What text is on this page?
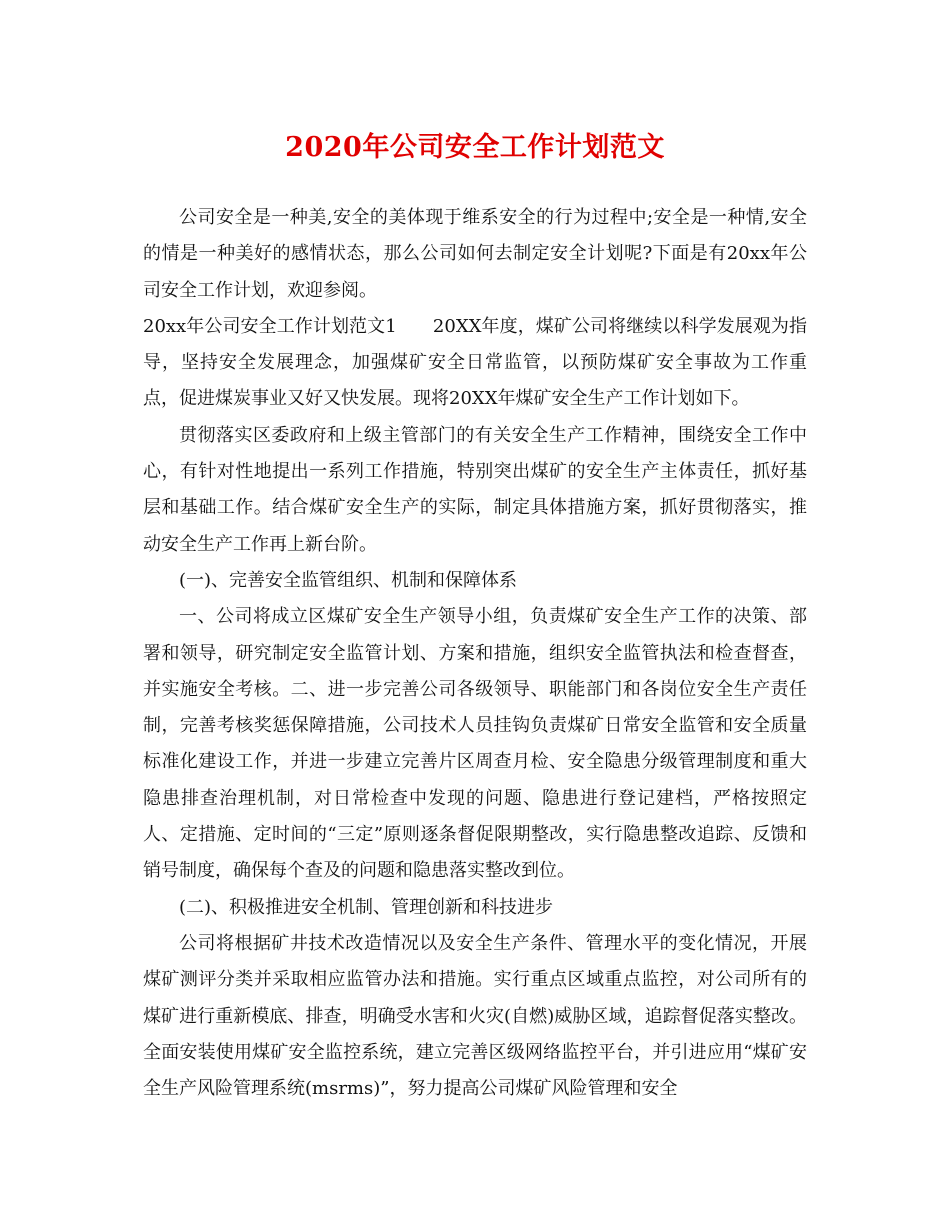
2020年公司安全工作计划范文

公司安全是一种美,安全的美体现于维系安全的行为过程中;安全是一种情,安全的情是一种美好的感情状态，那么公司如何去制定安全计划呢?下面是有20xx年公司安全工作计划，欢迎参阅。

20xx年公司安全工作计划范文1　　20XX年度，煤矿公司将继续以科学发展观为指导，坚持安全发展理念，加强煤矿安全日常监管，以预防煤矿安全事故为工作重点，促进煤炭事业又好又快发展。现将20XX年煤矿安全生产工作计划如下。

贯彻落实区委政府和上级主管部门的有关安全生产工作精神，围绕安全工作中心，有针对性地提出一系列工作措施，特别突出煤矿的安全生产主体责任，抓好基层和基础工作。结合煤矿安全生产的实际，制定具体措施方案，抓好贯彻落实，推动安全生产工作再上新台阶。

(一)、完善安全监管组织、机制和保障体系

一、公司将成立区煤矿安全生产领导小组，负责煤矿安全生产工作的决策、部署和领导，研究制定安全监管计划、方案和措施，组织安全监管执法和检查督查，并实施安全考核。二、进一步完善公司各级领导、职能部门和各岗位安全生产责任制，完善考核奖惩保障措施，公司技术人员挂钩负责煤矿日常安全监管和安全质量标准化建设工作，并进一步建立完善片区周查月检、安全隐患分级管理制度和重大隐患排查治理机制，对日常检查中发现的问题、隐患进行登记建档，严格按照定人、定措施、定时间的“三定”原则逐条督促限期整改，实行隐患整改追踪、反馈和销号制度，确保每个查及的问题和隐患落实整改到位。

(二)、积极推进安全机制、管理创新和科技进步

公司将根据矿井技术改造情况以及安全生产条件、管理水平的变化情况，开展煤矿测评分类并采取相应监管办法和措施。实行重点区域重点监控，对公司所有的煤矿进行重新模底、排查，明确受水害和火灾(自燃)威胁区域，追踪督促落实整改。全面安装使用煤矿安全监控系统，建立完善区级网络监控平台，并引进应用“煤矿安全生产风险管理系统(msrms)”，努力提高公司煤矿风险管理和安全
